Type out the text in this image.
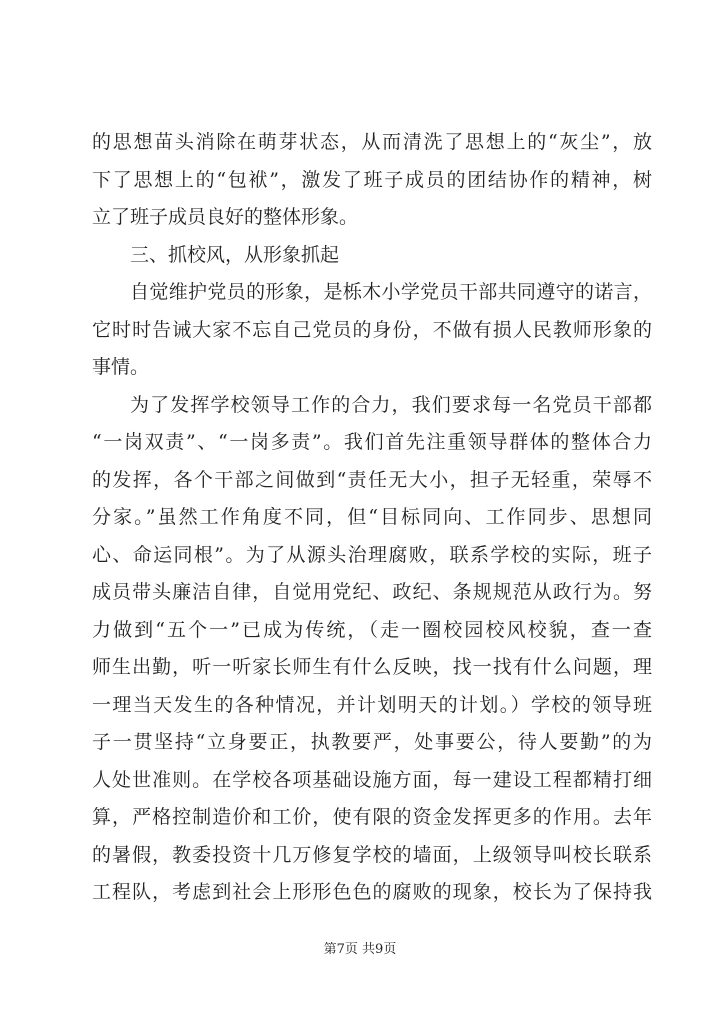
的思想苗头消除在萌芽状态，从而清洗了思想上的“灰尘”，放
下了思想上的“包袱”，激发了班子成员的团结协作的精神，树
立了班子成员良好的整体形象。
三、抓校风，从形象抓起
自觉维护党员的形象，是栎木小学党员干部共同遵守的诺言，
它时时告诫大家不忘自己党员的身份，不做有损人民教师形象的
事情。
为了发挥学校领导工作的合力，我们要求每一名党员干部都
“一岗双责”、“一岗多责”。我们首先注重领导群体的整体合力
的发挥，各个干部之间做到“责任无大小，担子无轻重，荣辱不
分家。”虽然工作角度不同，但“目标同向、工作同步、思想同
心、命运同根”。为了从源头治理腐败，联系学校的实际，班子
成员带头廉洁自律，自觉用党纪、政纪、条规规范从政行为。努
力做到“五个一”已成为传统，（走一圈校园校风校貌，查一查
师生出勤，听一听家长师生有什么反映，找一找有什么问题，理
一理当天发生的各种情况，并计划明天的计划。）学校的领导班
子一贯坚持“立身要正，执教要严，处事要公，待人要勤”的为
人处世准则。在学校各项基础设施方面，每一建设工程都精打细
算，严格控制造价和工价，使有限的资金发挥更多的作用。去年
的暑假，教委投资十几万修复学校的墙面，上级领导叫校长联系
工程队，考虑到社会上形形色色的腐败的现象，校长为了保持我
第7页 共9页
